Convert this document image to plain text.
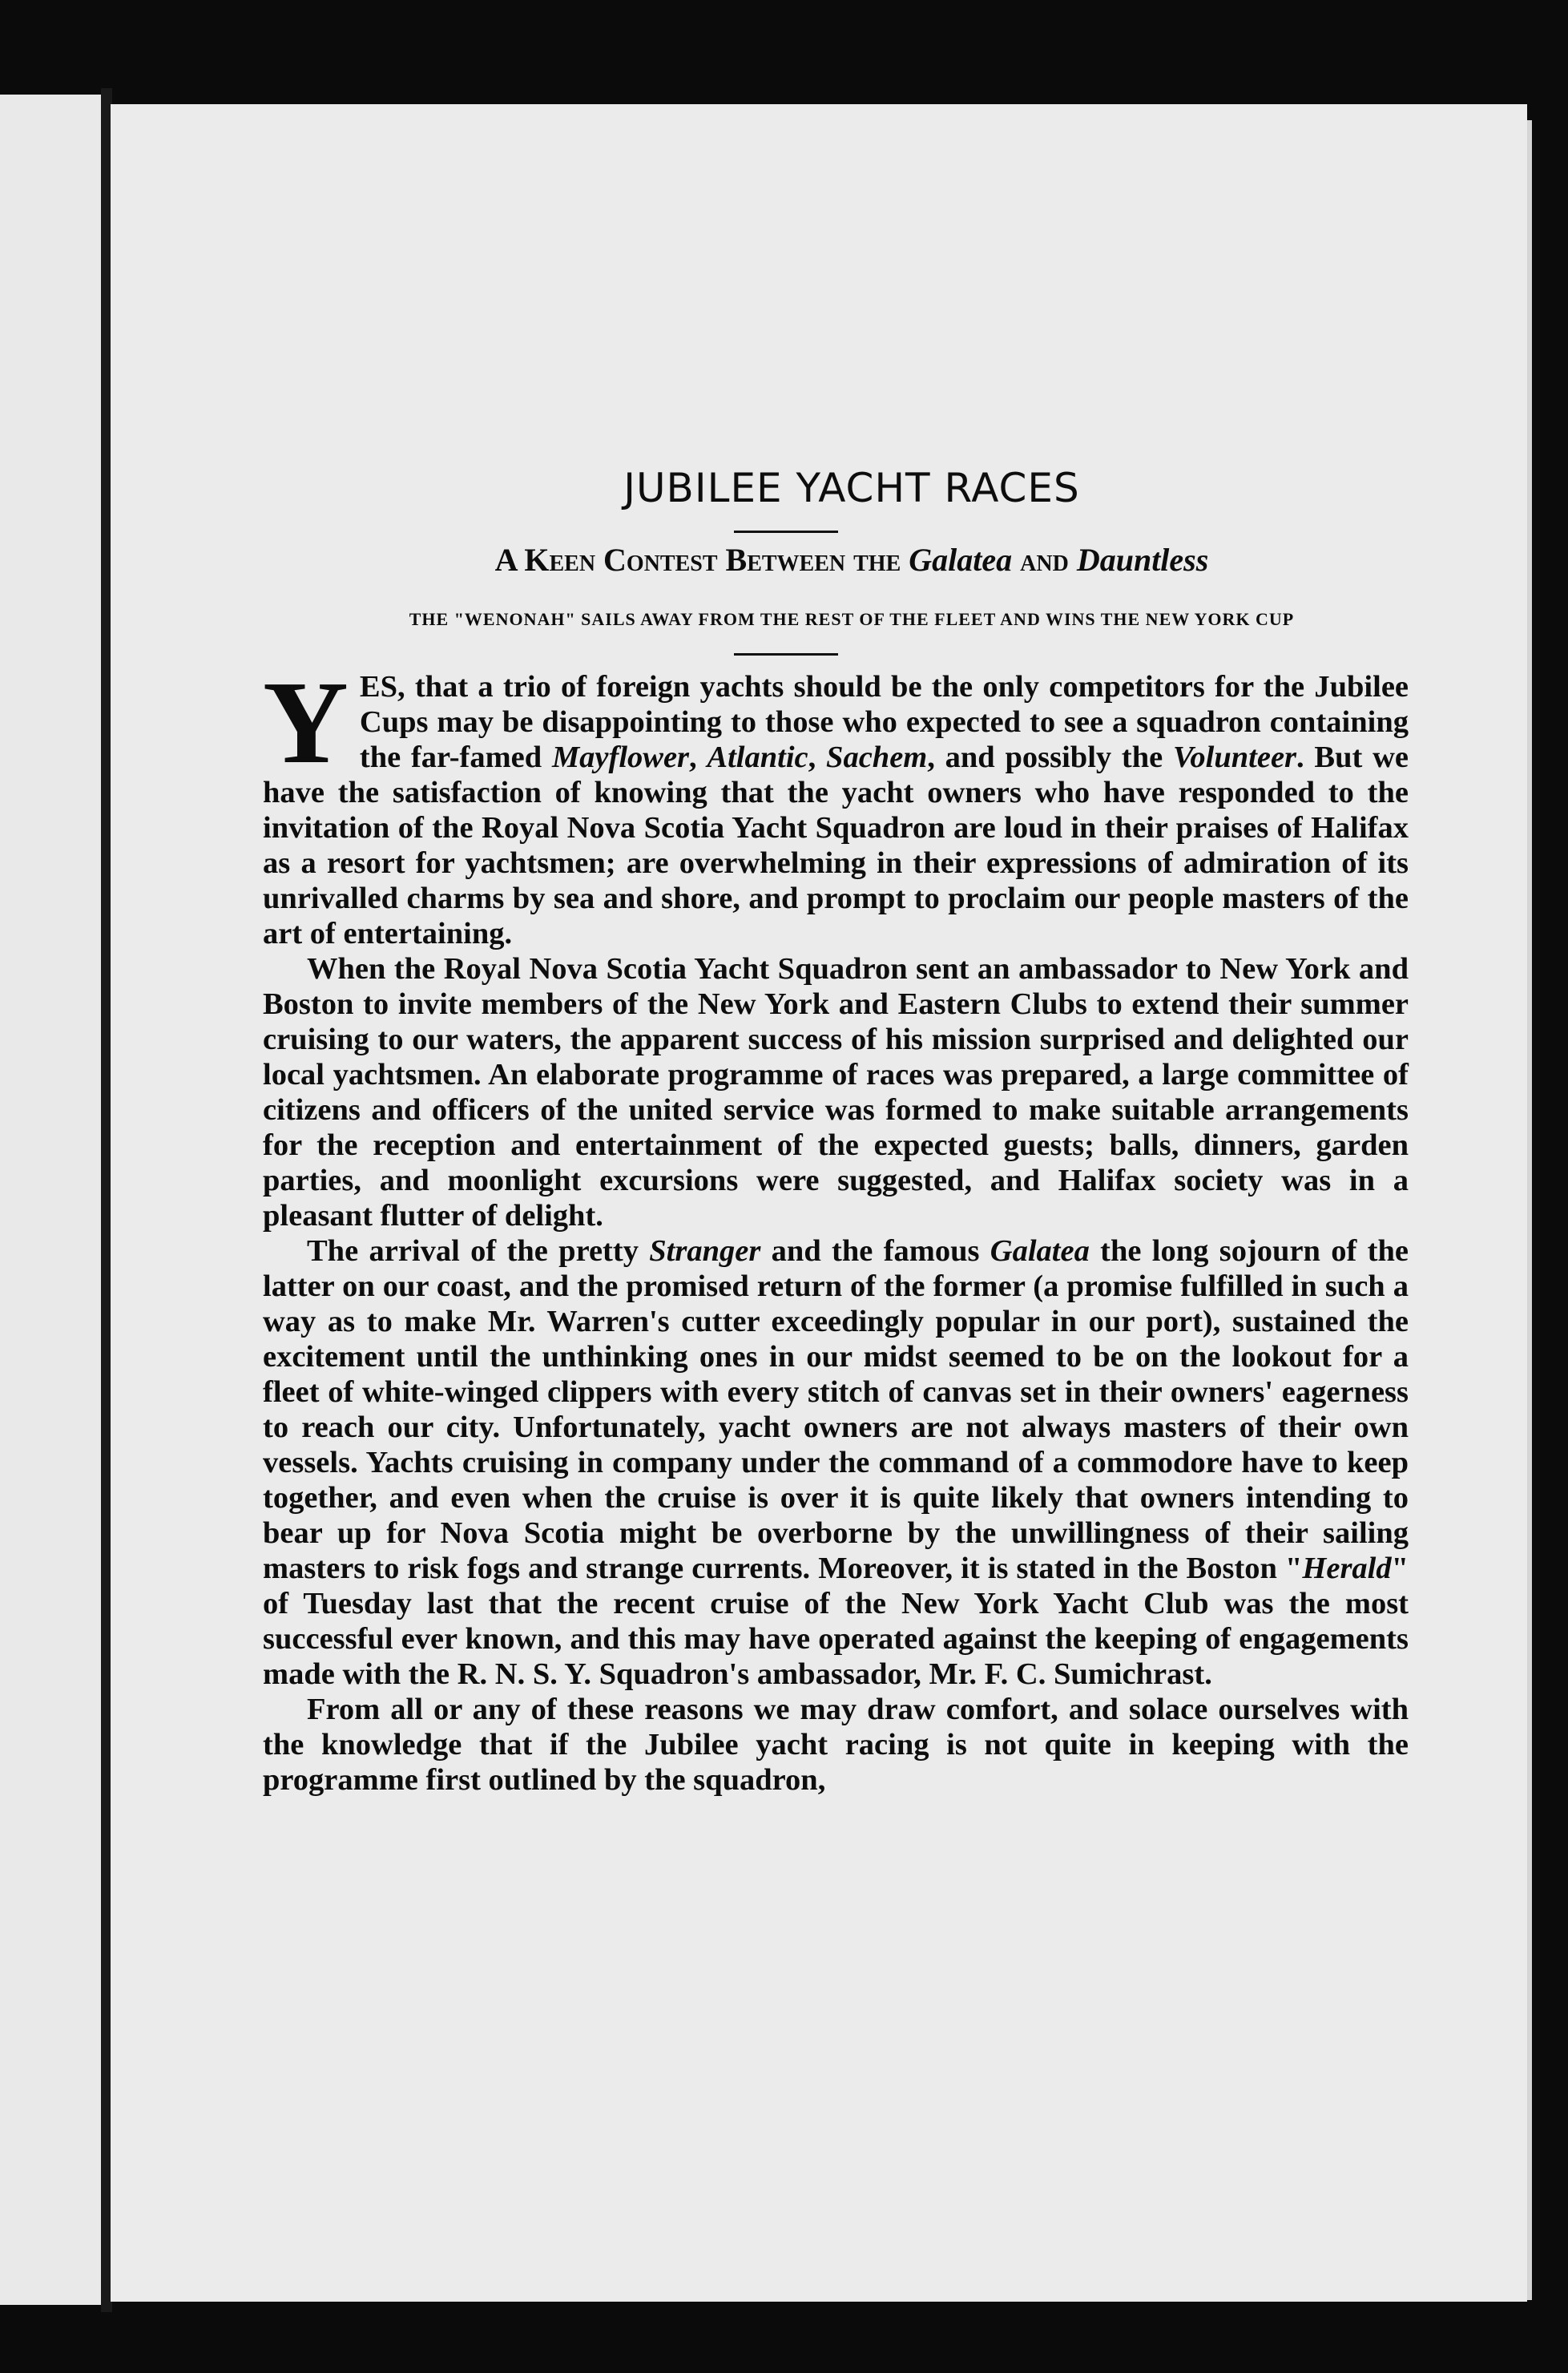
JUBILEE YACHT RACES
A Keen Contest Between the Galatea and Dauntless
THE "WENONAH" SAILS AWAY FROM THE REST OF THE FLEET AND WINS THE NEW YORK CUP

YES, that a trio of foreign yachts should be the only competitors for the Jubilee Cups may be disappointing to those who expected to see a squadron containing the far-famed Mayflower, Atlantic, Sachem, and possibly the Volunteer. But we have the satisfaction of knowing that the yacht owners who have responded to the invitation of the Royal Nova Scotia Yacht Squadron are loud in their praises of Halifax as a resort for yachtsmen; are overwhelming in their expressions of admiration of its unrivalled charms by sea and shore, and prompt to proclaim our people masters of the art of entertaining.

When the Royal Nova Scotia Yacht Squadron sent an ambassador to New York and Boston to invite members of the New York and Eastern Clubs to extend their summer cruising to our waters, the apparent success of his mission surprised and delighted our local yachtsmen. An elaborate programme of races was prepared, a large committee of citizens and officers of the united service was formed to make suitable arrangements for the reception and entertainment of the expected guests; balls, dinners, garden parties, and moonlight excursions were suggested, and Halifax society was in a pleasant flutter of delight.

The arrival of the pretty Stranger and the famous Galatea the long sojourn of the latter on our coast, and the promised return of the former (a promise fulfilled in such a way as to make Mr. Warren's cutter exceedingly popular in our port), sustained the excitement until the unthinking ones in our midst seemed to be on the lookout for a fleet of white-winged clippers with every stitch of canvas set in their owners' eagerness to reach our city. Unfortunately, yacht owners are not always masters of their own vessels. Yachts cruising in company under the command of a commodore have to keep together, and even when the cruise is over it is quite likely that owners intending to bear up for Nova Scotia might be overborne by the unwillingness of their sailing masters to risk fogs and strange currents. Moreover, it is stated in the Boston "Herald" of Tuesday last that the recent cruise of the New York Yacht Club was the most successful ever known, and this may have operated against the keeping of engagements made with the R. N. S. Y. Squadron's ambassador, Mr. F. C. Sumichrast.

From all or any of these reasons we may draw comfort, and solace ourselves with the knowledge that if the Jubilee yacht racing is not quite in keeping with the programme first outlined by the squadron,
